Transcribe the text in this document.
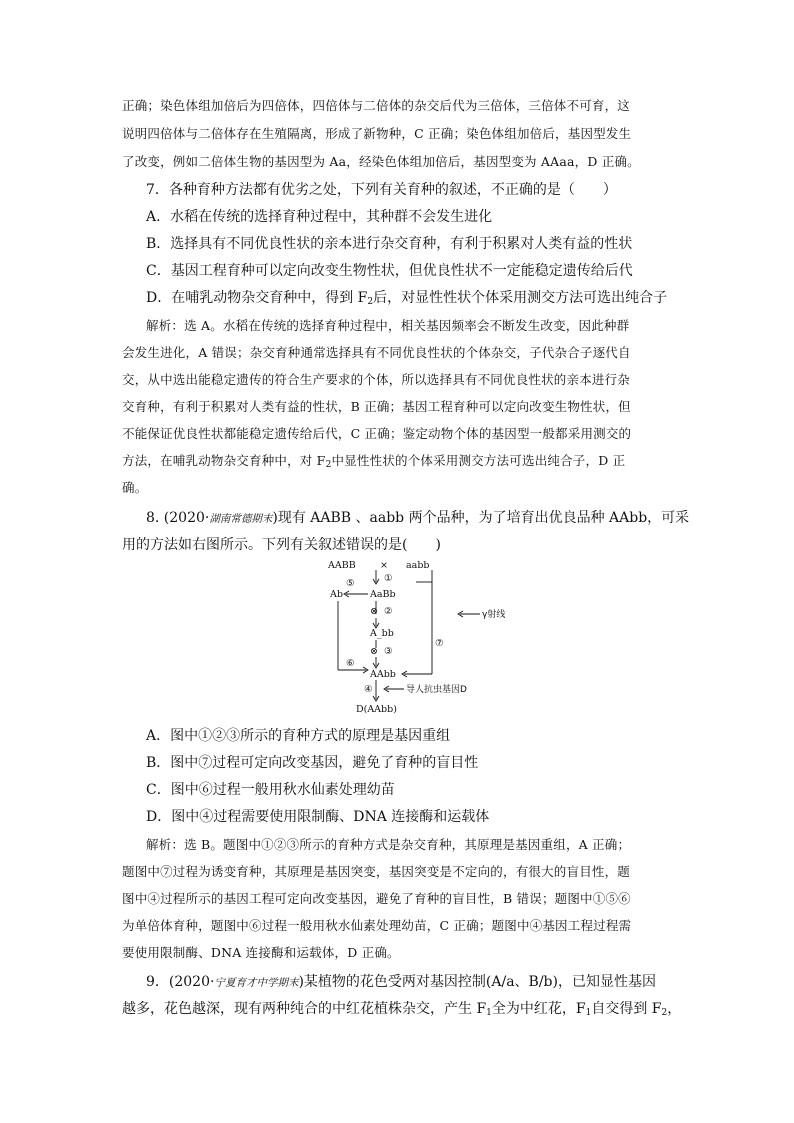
正确；染色体组加倍后为四倍体，四倍体与二倍体的杂交后代为三倍体，三倍体不可育，这

说明四倍体与二倍体存在生殖隔离，形成了新物种，C 正确；染色体组加倍后，基因型发生

了改变，例如二倍体生物的基因型为 Aa，经染色体组加倍后，基因型变为 AAaa，D 正确。

7．各种育种方法都有优劣之处，下列有关育种的叙述，不正确的是（　　）

A．水稻在传统的选择育种过程中，其种群不会发生进化

B．选择具有不同优良性状的亲本进行杂交育种，有利于积累对人类有益的性状

C．基因工程育种可以定向改变生物性状，但优良性状不一定能稳定遗传给后代

D．在哺乳动物杂交育种中，得到 $F_2$后，对显性性状个体采用测交方法可选出纯合子

解析：选 A。水稻在传统的选择育种过程中，相关基因频率会不断发生改变，因此种群

会发生进化，A 错误；杂交育种通常选择具有不同优良性状的个体杂交，子代杂合子逐代自

交，从中选出能稳定遗传的符合生产要求的个体，所以选择具有不同优良性状的亲本进行杂

交育种，有利于积累对人类有益的性状，B 正确；基因工程育种可以定向改变生物性状，但

不能保证优良性状都能稳定遗传给后代，C 正确；鉴定动物个体的基因型一般都采用测交的

方法，在哺乳动物杂交育种中，对 $F_2$中显性性状的个体采用测交方法可选出纯合子，D 正

确。

8. (2020·湖南常德期末)现有 AABB 、aabb 两个品种，为了培育出优良品种 AAbb，可采

用的方法如右图所示。下列有关叙述错误的是(　　)

AABB	× aabb
①
⑤
Ab	AaBb
⊗ ②	γ射线
A_bb
⊗ ③
⑦
⑥
AAbb
④	导人抗虫基因D
D(AAbb)

A．图中①②③所示的育种方式的原理是基因重组

B．图中⑦过程可定向改变基因，避免了育种的盲目性

C．图中⑥过程一般用秋水仙素处理幼苗

D．图中④过程需要使用限制酶、DNA 连接酶和运载体

解析：选 B。题图中①②③所示的育种方式是杂交育种，其原理是基因重组，A 正确；

题图中⑦过程为诱变育种，其原理是基因突变，基因突变是不定向的，有很大的盲目性，题

图中④过程所示的基因工程可定向改变基因，避免了育种的盲目性，B 错误；题图中①⑤⑥

为单倍体育种，题图中⑥过程一般用秋水仙素处理幼苗，C 正确；题图中④基因工程过程需

要使用限制酶、DNA 连接酶和运载体，D 正确。

9．(2020·宁夏育才中学期末)某植物的花色受两对基因控制(A/a、B/b)，已知显性基因

越多，花色越深，现有两种纯合的中红花植株杂交，产生 $F_1$全为中红花，$F_1$自交得到 $F_2$，
